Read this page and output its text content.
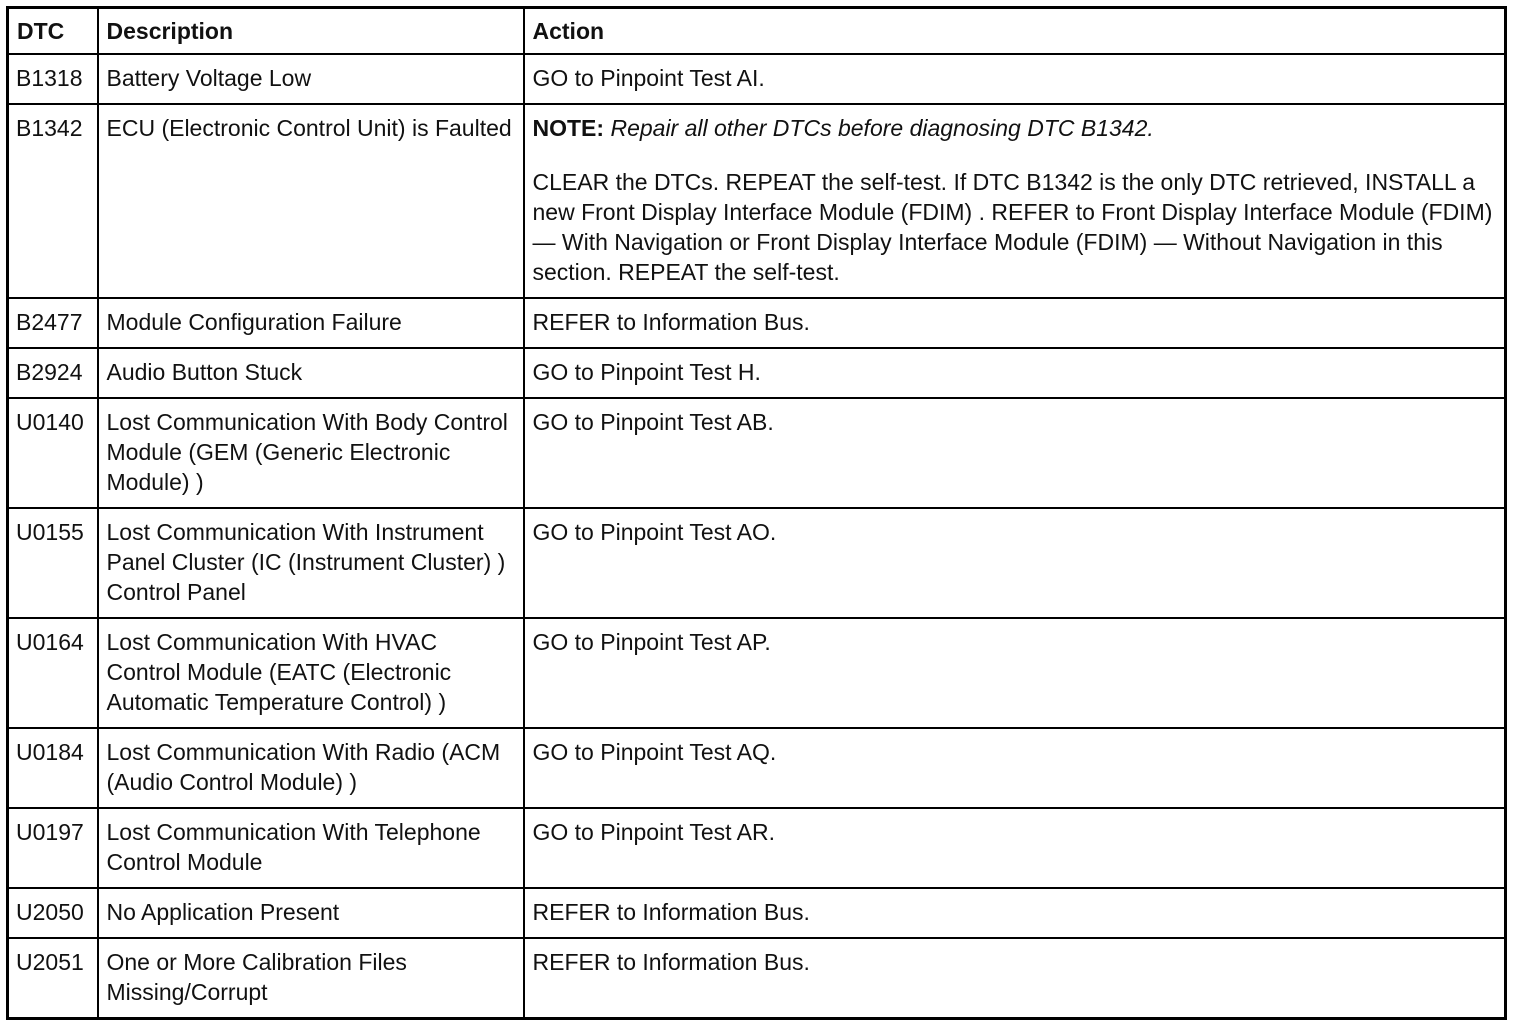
DTC	Description	Action
B1318	Battery Voltage Low	GO to Pinpoint Test AI.
B1342	ECU (Electronic Control Unit) is Faulted	NOTE: Repair all other DTCs before diagnosing DTC B1342.

CLEAR the DTCs. REPEAT the self-test. If DTC B1342 is the only DTC retrieved, INSTALL a new Front Display Interface Module (FDIM) . REFER to Front Display Interface Module (FDIM) — With Navigation or Front Display Interface Module (FDIM) — Without Navigation in this section. REPEAT the self-test.

B2477	Module Configuration Failure	REFER to Information Bus.
B2924	Audio Button Stuck	GO to Pinpoint Test H.
U0140	Lost Communication With Body Control Module (GEM (Generic Electronic Module) )	GO to Pinpoint Test AB.
U0155	Lost Communication With Instrument Panel Cluster (IC (Instrument Cluster) ) Control Panel	GO to Pinpoint Test AO.
U0164	Lost Communication With HVAC Control Module (EATC (Electronic Automatic Temperature Control) )	GO to Pinpoint Test AP.
U0184	Lost Communication With Radio (ACM (Audio Control Module) )	GO to Pinpoint Test AQ.
U0197	Lost Communication With Telephone Control Module	GO to Pinpoint Test AR.
U2050	No Application Present	REFER to Information Bus.
U2051	One or More Calibration Files Missing/Corrupt	REFER to Information Bus.
